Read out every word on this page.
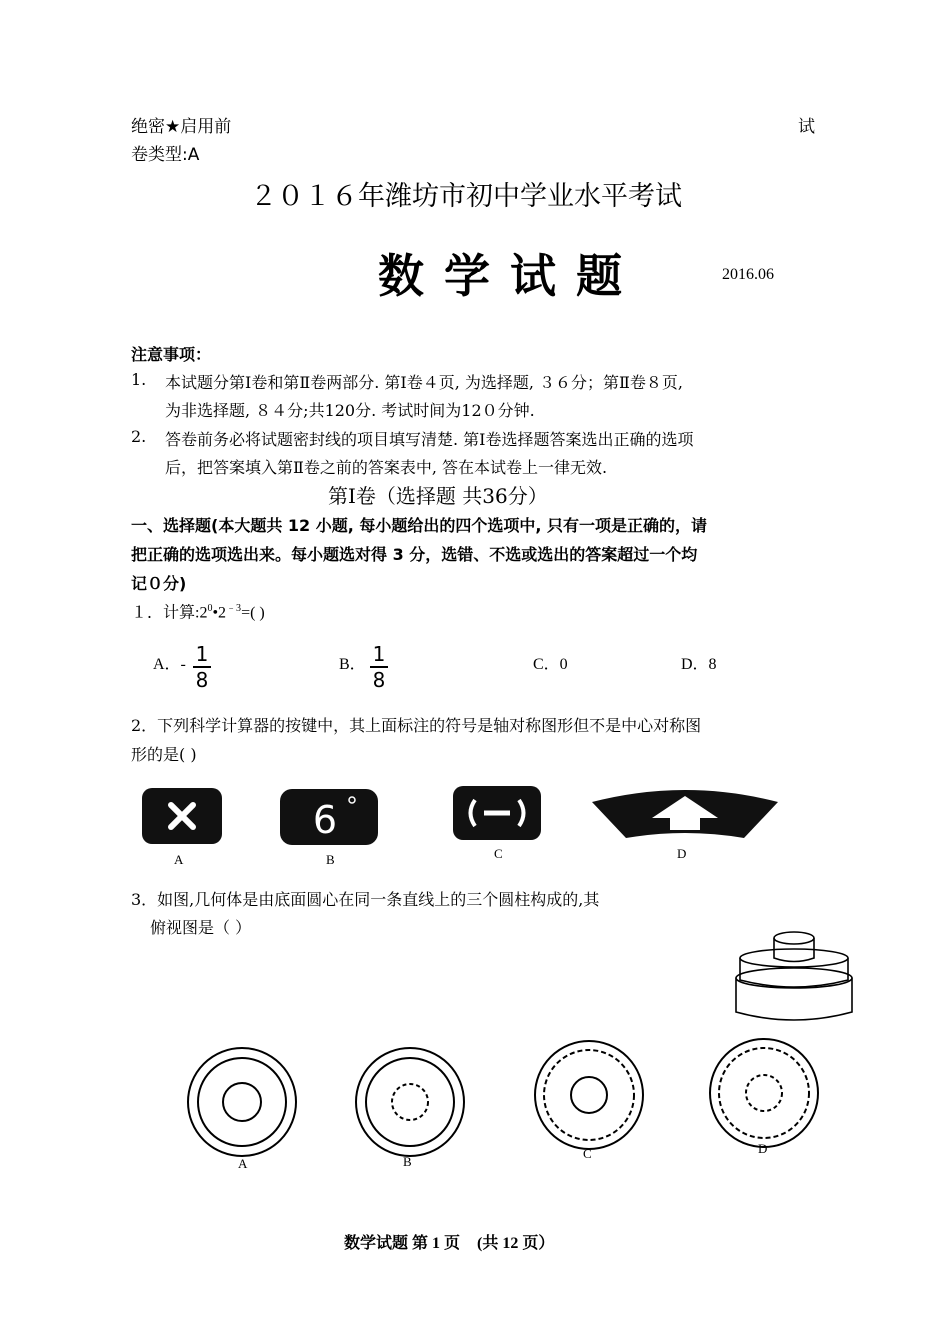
绝密★启用前	试
卷类型:A
２０１６年潍坊市初中学业水平考试
数 学 试 题	2016.06
注意事项：
1. 本试题分第Ⅰ卷和第Ⅱ卷两部分. 第Ⅰ卷４页, 为选择题, ３６分；第Ⅱ卷８页,
为非选择题, ８４分;共120分. 考试时间为12０分钟.
2. 答卷前务必将试题密封线的项目填写清楚. 第Ⅰ卷选择题答案选出正确的选项
后，把答案填入第Ⅱ卷之前的答案表中, 答在本试卷上一律无效.
第Ⅰ卷（选择题 共36分）
一、选择题(本大题共 12 小题, 每小题给出的四个选项中, 只有一项是正确的，请
把正确的选项选出来。每小题选对得 3 分，选错、不选或选出的答案超过一个均
记０分)
１．计算$:2^0•2^{﹣3}=$( )
A．- 1
8
B． 1
8
C．0	D．8
2．下列科学计算器的按键中，其上面标注的符号是轴对称图形但不是中心对称图
形的是( )
A
6
B	C	D
3．如图,几何体是由底面圆心在同一条直线上的三个圆柱构成的,其
俯视图是（ ）
A	B
C	D
数学试题 第 1 页 (共 12 页）
